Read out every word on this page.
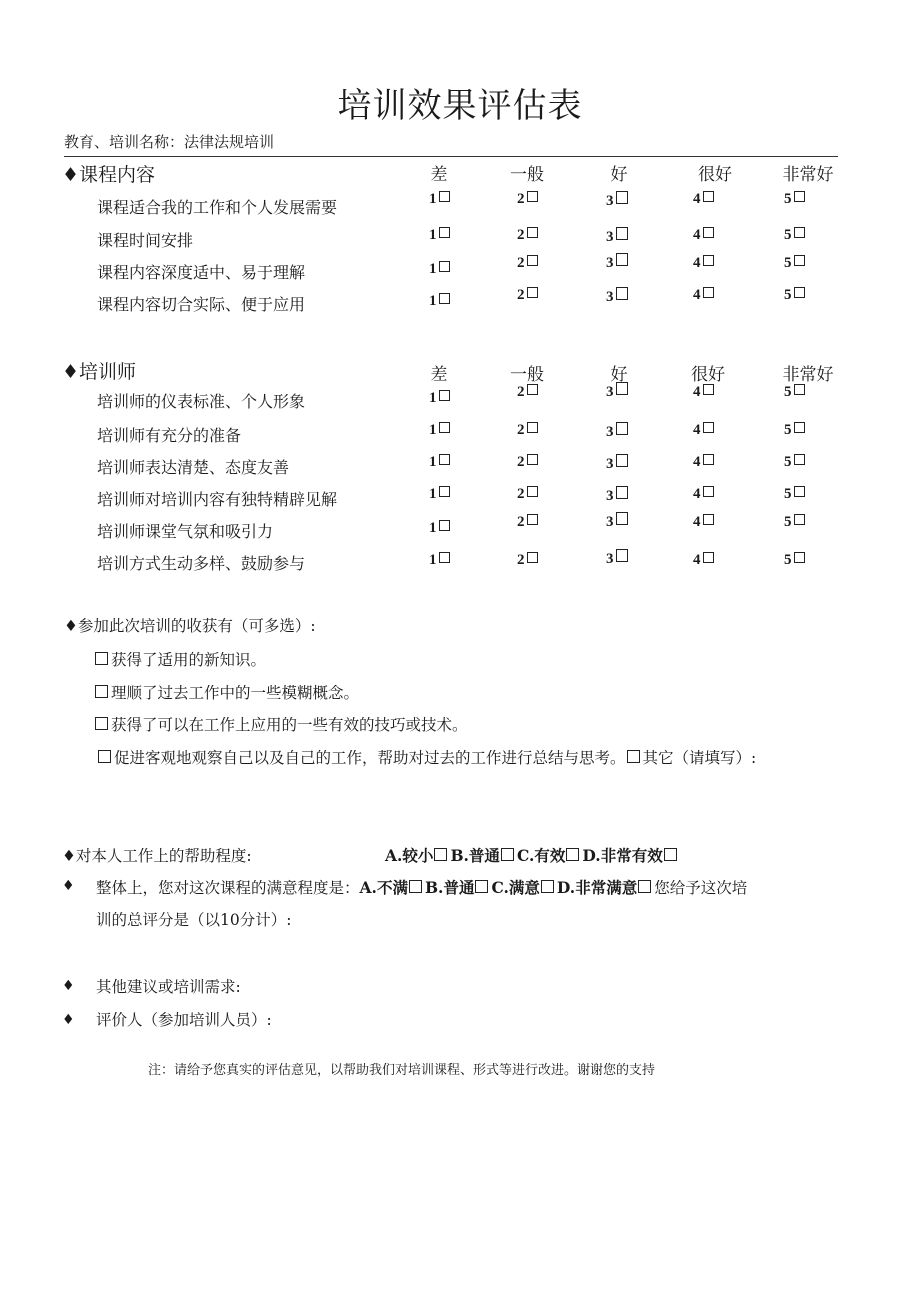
培训效果评估表
教育、培训名称：法律法规培训
♦课程内容	差	一般	好	很好	非常好
课程适合我的工作和个人发展需要	1	2	3	4	5
课程时间安排	1	2	3	4	5
课程内容深度适中、易于理解	1	2	3	4	5
课程内容切合实际、便于应用	1	2	3	4	5
♦培训师	差	一般	好	很好	非常好
培训师的仪表标准、个人形象	1	2	3	4	5
培训师有充分的准备	1	2	3	4	5
培训师表达清楚、态度友善	1	2	3	4	5
培训师对培训内容有独特精辟见解	1	2	3	4	5
培训师课堂气氛和吸引力	1	2	3	4	5
培训方式生动多样、鼓励参与	1	2	3	4	5
♦参加此次培训的收获有（可多选）:
获得了适用的新知识。
理顺了过去工作中的一些模糊概念。
获得了可以在工作上应用的一些有效的技巧或技术。
促进客观地观察自己以及自己的工作，帮助对过去的工作进行总结与思考。 其它（请填写）:
♦对本人工作上的帮助程度:	A.较小 B.普通 C.有效 D.非常有效
♦ 整体上，您对这次课程的满意程度是：A.不满 B.普通 C.满意 D.非常满意 您给予这次培
训的总评分是（以10分计）:
♦ 其他建议或培训需求:
♦ 评价人（参加培训人员）:
注：请给予您真实的评估意见，以帮助我们对培训课程、形式等进行改进。谢谢您的支持
